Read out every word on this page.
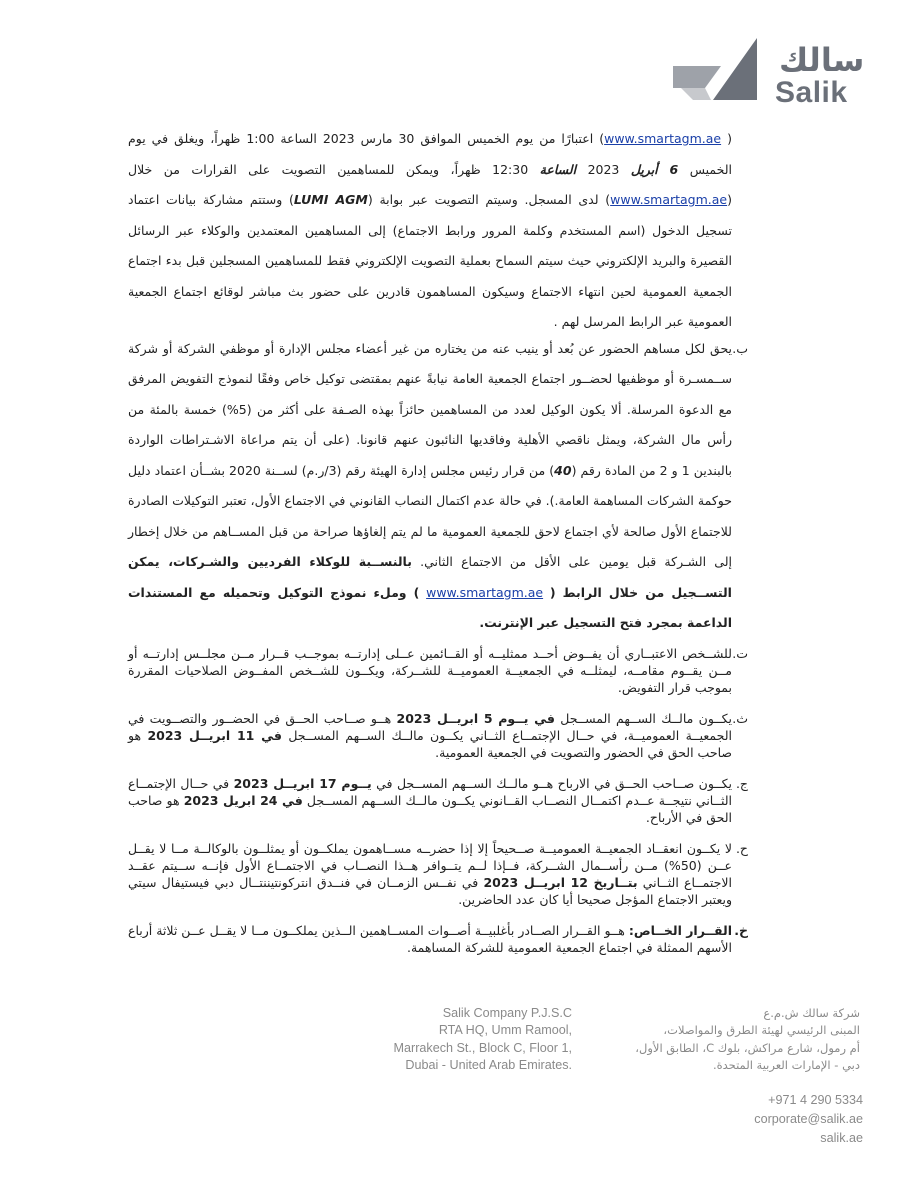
سالك
Salik

( www.smartagm.ae) اعتبارًا من يوم الخميس الموافق 30 مارس 2023 الساعة 1:00 ظهراً، ويغلق في يوم الخميس 6 أبريل 2023 الساعة 12:30 ظهراً، ويمكن للمساهمين التصويت على القرارات من خلال (www.smartagm.ae) لدى المسجل. وسيتم التصويت عبر بوابة (LUMI AGM) وستتم مشاركة بيانات اعتماد تسجيل الدخول (اسم المستخدم وكلمة المرور ورابط الاجتماع) إلى المساهمين المعتمدين والوكلاء عبر الرسائل القصيرة والبريد الإلكتروني حيث سيتم السماح بعملية التصويت الإلكتروني فقط للمساهمين المسجلين قبل بدء اجتماع الجمعية العمومية لحين انتهاء الاجتماع وسيكون المساهمون قادرين على حضور بث مباشر لوقائع اجتماع الجمعية العمومية عبر الرابط المرسل لهم .

ب.
يحق لكل مساهم الحضور عن بُعد أو ينيب عنه من يختاره من غير أعضاء مجلس الإدارة أو موظفي الشركة أو شركة ســمسـرة أو موظفيها لحضــور اجتماع الجمعية العامة نيابةً عنهم بمقتضى توكيل خاص وفقًا لنموذج التفويض المرفق مع الدعوة المرسلة. ألا يكون الوكيل لعدد من المساهمين حائزاً بهذه الصـفة على أكثر من (5%) خمسة بالمئة من رأس مال الشركة، ويمثل ناقصي الأهلية وفاقديها النائبون عنهم قانونا. (على أن يتم مراعاة الاشـتراطات الواردة بالبندين 1 و 2 من المادة رقم (40) من قرار رئيس مجلس إدارة الهيئة رقم (3/ر.م) لســنة 2020 بشــأن اعتماد دليل حوكمة الشركات المساهمة العامة.). في حالة عدم اكتمال النصاب القانوني في الاجتماع الأول، تعتبر التوكيلات الصادرة للاجتماع الأول صالحة لأي اجتماع لاحق للجمعية العمومية ما لم يتم إلغاؤها صراحة من قبل المســاهم من خلال إخطار إلى الشـركة قبل يومين على الأقل من الاجتماع الثاني. بالنســبة للوكلاء الفرديين والشـركات، يمكن التســجيل من خلال الرابط ( www.smartagm.ae ) وملء نموذج التوكيل وتحميله مع المستندات الداعمة بمجرد فتح التسجيل عبر الإنترنت.
ت.
للشــخص الاعتبــاري أن يفــوض أحــد ممثليــه أو القــائمين عــلى إدارتــه بموجــب قــرار مــن مجلــس إدارتــه أو مــن يقــوم مقامــه، ليمثلــه في الجمعيــة العموميــة للشــركة، ويكــون للشــخص المفــوض الصلاحيات المقررة بموجب قرار التفويض.
ث.
يكــون مالــك الســهم المســجل في يــوم 5 ابريــل 2023 هــو صــاحب الحــق في الحضــور والتصــويت في الجمعيــة العموميــة، في حــال الإجتمــاع الثــاني يكــون مالــك الســهم المســجل في 11 ابريــل 2023 هو صاحب الحق في الحضور والتصويت في الجمعية العمومية.
ج.
يكــون صــاحب الحــق في الارباح هــو مالــك الســهم المســجل في يــوم 17 ابريــل 2023 في حــال الإجتمــاع الثــاني نتيجــة عــدم اكتمــال النصــاب القــانوني يكــون مالــك الســهم المســجل في 24 ابريل 2023 هو صاحب الحق في الأرباح.
ح.
لا يكــون انعقــاد الجمعيــة العموميــة صــحيحاً إلا إذا حضرــه مســاهمون يملكــون أو يمثلــون بالوكالــة مــا لا يقــل عــن (50%) مــن رأســمال الشــركة، فــإذا لــم يتــوافر هــذا النصــاب في الاجتمــاع الأول فإنــه ســيتم عقــد الاجتمــاع الثــاني بتــاريخ 12 ابريــل 2023 في نفــس الزمــان في فنــدق انتركونتيننتــال دبي فيستيفال سيتي ويعتبر الاجتماع المؤجل صحيحا أيا كان عدد الحاضرين.
خ.
القــرار الخــاص: هــو القــرار الصــادر بأغلبيــة أصــوات المســاهمين الــذين يملكــون مــا لا يقــل عــن ثلاثة أرباع الأسهم الممثلة في اجتماع الجمعية العمومية للشركة المساهمة.
Salik Company P.J.S.C
RTA HQ, Umm Ramool,
Marrakech St., Block C, Floor 1,
Dubai - United Arab Emirates.
شركة سالك ش.م.ع
المبنى الرئيسي لهيئة الطرق والمواصلات،
أم رمول، شارع مراكش، بلوك C، الطابق الأول،
دبي - الإمارات العربية المتحدة.
+971 4 290 5334
corporate@salik.ae
salik.ae
